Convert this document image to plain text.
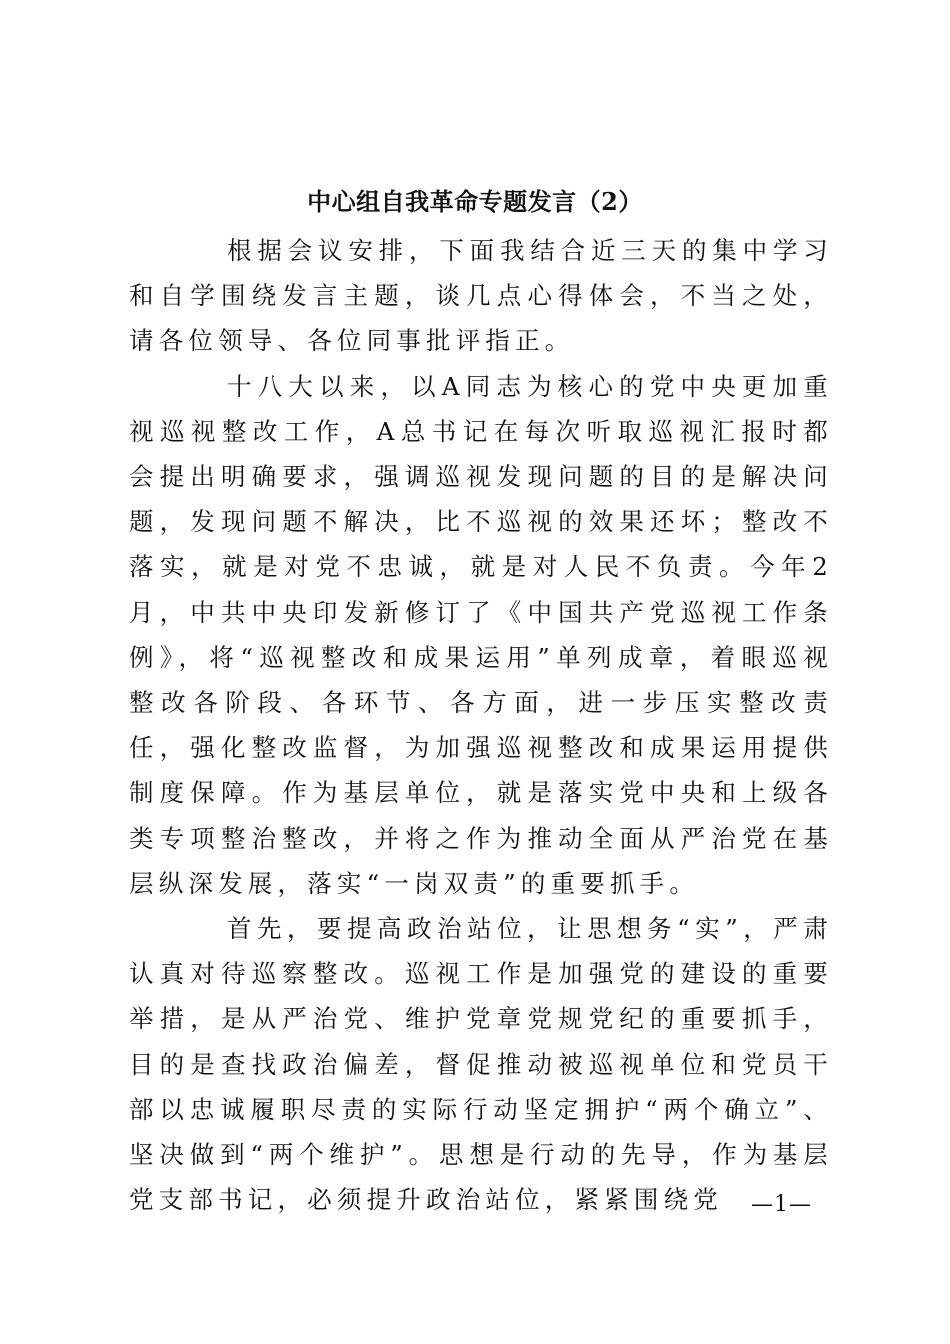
中心组自我革命专题发言（2）

根据会议安排，下面我结合近三天的集中学习和自学围绕发言主题，谈几点心得体会，不当之处，请各位领导、各位同事批评指正。

十八大以来，以A同志为核心的党中央更加重视巡视整改工作，A总书记在每次听取巡视汇报时都会提出明确要求，强调巡视发现问题的目的是解决问题，发现问题不解决，比不巡视的效果还坏；整改不落实，就是对党不忠诚，就是对人民不负责。今年2月，中共中央印发新修订了《中国共产党巡视工作条例》，将“巡视整改和成果运用”单列成章，着眼巡视整改各阶段、各环节、各方面，进一步压实整改责任，强化整改监督，为加强巡视整改和成果运用提供制度保障。作为基层单位，就是落实党中央和上级各类专项整治整改，并将之作为推动全面从严治党在基层纵深发展，落实“一岗双责”的重要抓手。

首先，要提高政治站位，让思想务“实”，严肃认真对待巡察整改。巡视工作是加强党的建设的重要举措，是从严治党、维护党章党规党纪的重要抓手，目的是查找政治偏差，督促推动被巡视单位和党员干部以忠诚履职尽责的实际行动坚定拥护“两个确立”、坚决做到“两个维护”。思想是行动的先导，作为基层党支部书记，必须提升政治站位，紧紧围绕党	—1—
